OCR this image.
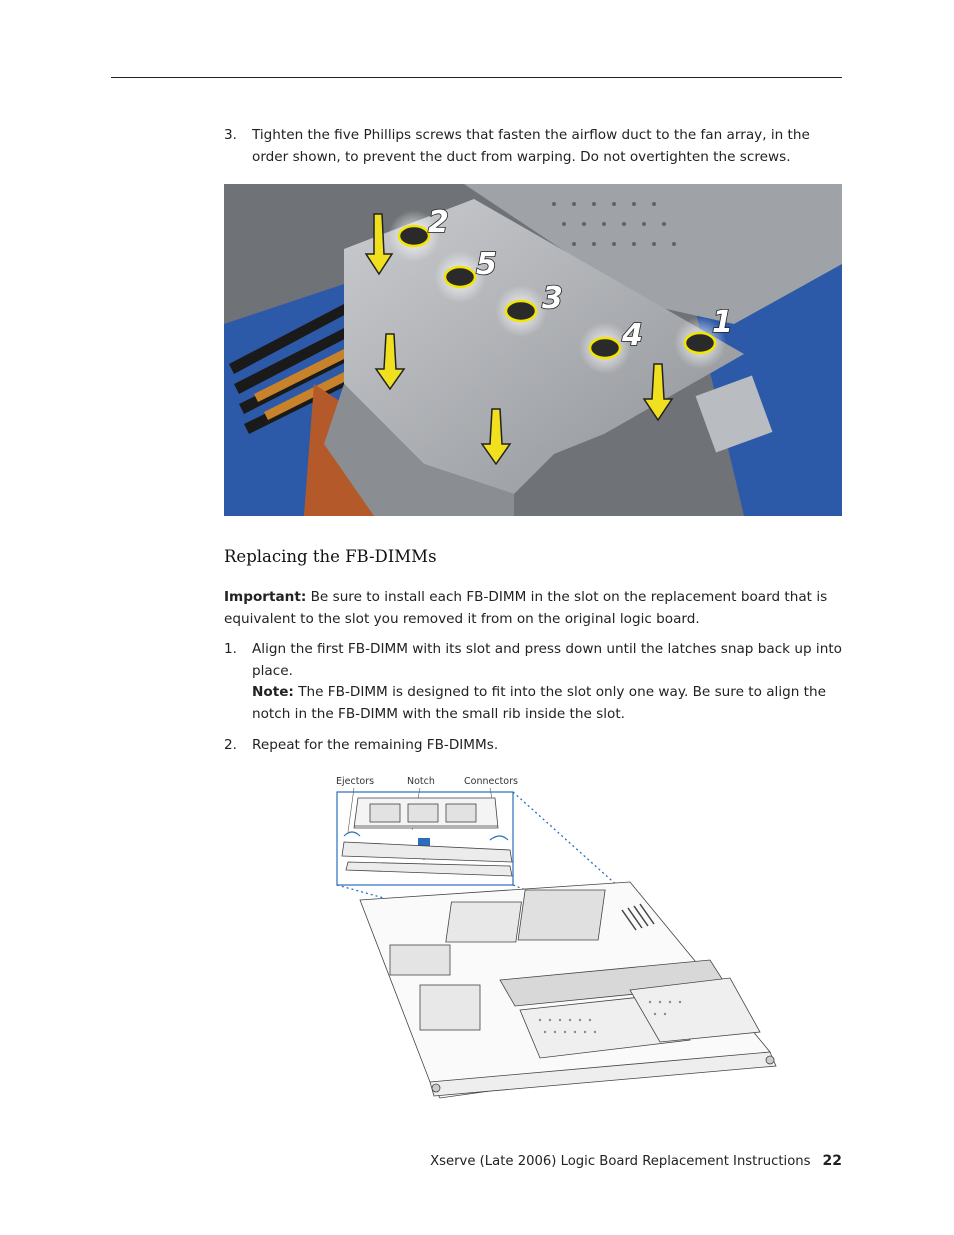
3. Tighten the five Phillips screws that fasten the airflow duct to the fan array, in the order shown, to prevent the duct from warping. Do not overtighten the screws.
2
5
3
4 1
Replacing the FB-DIMMs
Important: Be sure to install each FB-DIMM in the slot on the replacement board that is equivalent to the slot you removed it from on the original logic board.
1. Align the first FB-DIMM with its slot and press down until the latches snap back up into place.
Note: The FB-DIMM is designed to fit into the slot only one way. Be sure to align the notch in the FB-DIMM with the small rib inside the slot.
2. Repeat for the remaining FB-DIMMs.
Ejectors	Notch	Connectors
Xserve (Late 2006) Logic Board Replacement Instructions 22
